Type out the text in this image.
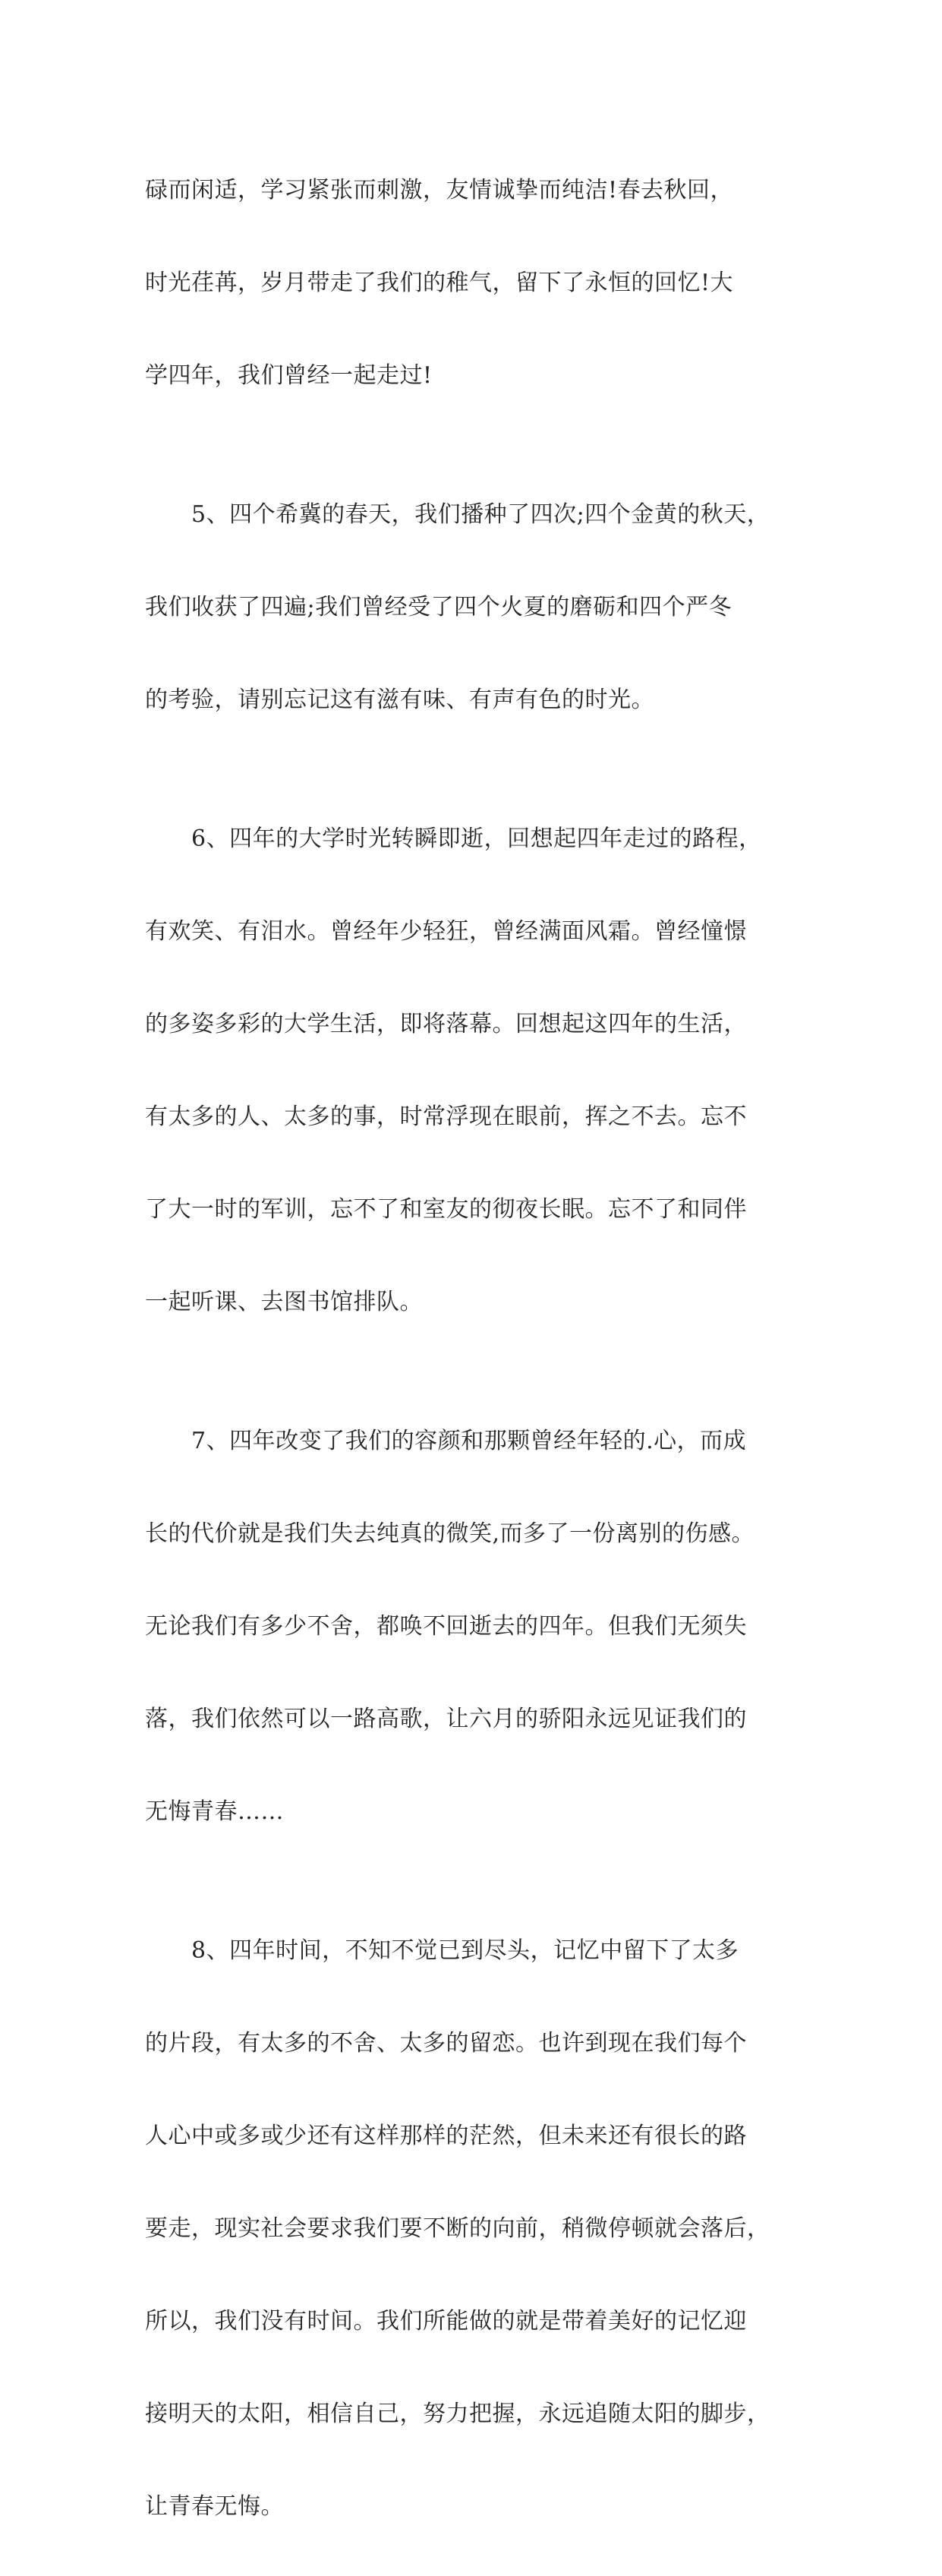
碌而闲适，学习紧张而刺激，友情诚挚而纯洁!春去秋回，

时光荏苒，岁月带走了我们的稚气，留下了永恒的回忆!大

学四年，我们曾经一起走过!

5、四个希冀的春天，我们播种了四次;四个金黄的秋天，

我们收获了四遍;我们曾经受了四个火夏的磨砺和四个严冬

的考验，请别忘记这有滋有味、有声有色的时光。

6、四年的大学时光转瞬即逝，回想起四年走过的路程，

有欢笑、有泪水。曾经年少轻狂，曾经满面风霜。曾经憧憬

的多姿多彩的大学生活，即将落幕。回想起这四年的生活，

有太多的人、太多的事，时常浮现在眼前，挥之不去。忘不

了大一时的军训，忘不了和室友的彻夜长眠。忘不了和同伴

一起听课、去图书馆排队。

7、四年改变了我们的容颜和那颗曾经年轻的.心，而成

长的代价就是我们失去纯真的微笑,而多了一份离别的伤感。

无论我们有多少不舍，都唤不回逝去的四年。但我们无须失

落，我们依然可以一路高歌，让六月的骄阳永远见证我们的

无悔青春……

8、四年时间，不知不觉已到尽头，记忆中留下了太多

的片段，有太多的不舍、太多的留恋。也许到现在我们每个

人心中或多或少还有这样那样的茫然，但未来还有很长的路

要走，现实社会要求我们要不断的向前，稍微停顿就会落后，

所以，我们没有时间。我们所能做的就是带着美好的记忆迎

接明天的太阳，相信自己，努力把握，永远追随太阳的脚步，

让青春无悔。
